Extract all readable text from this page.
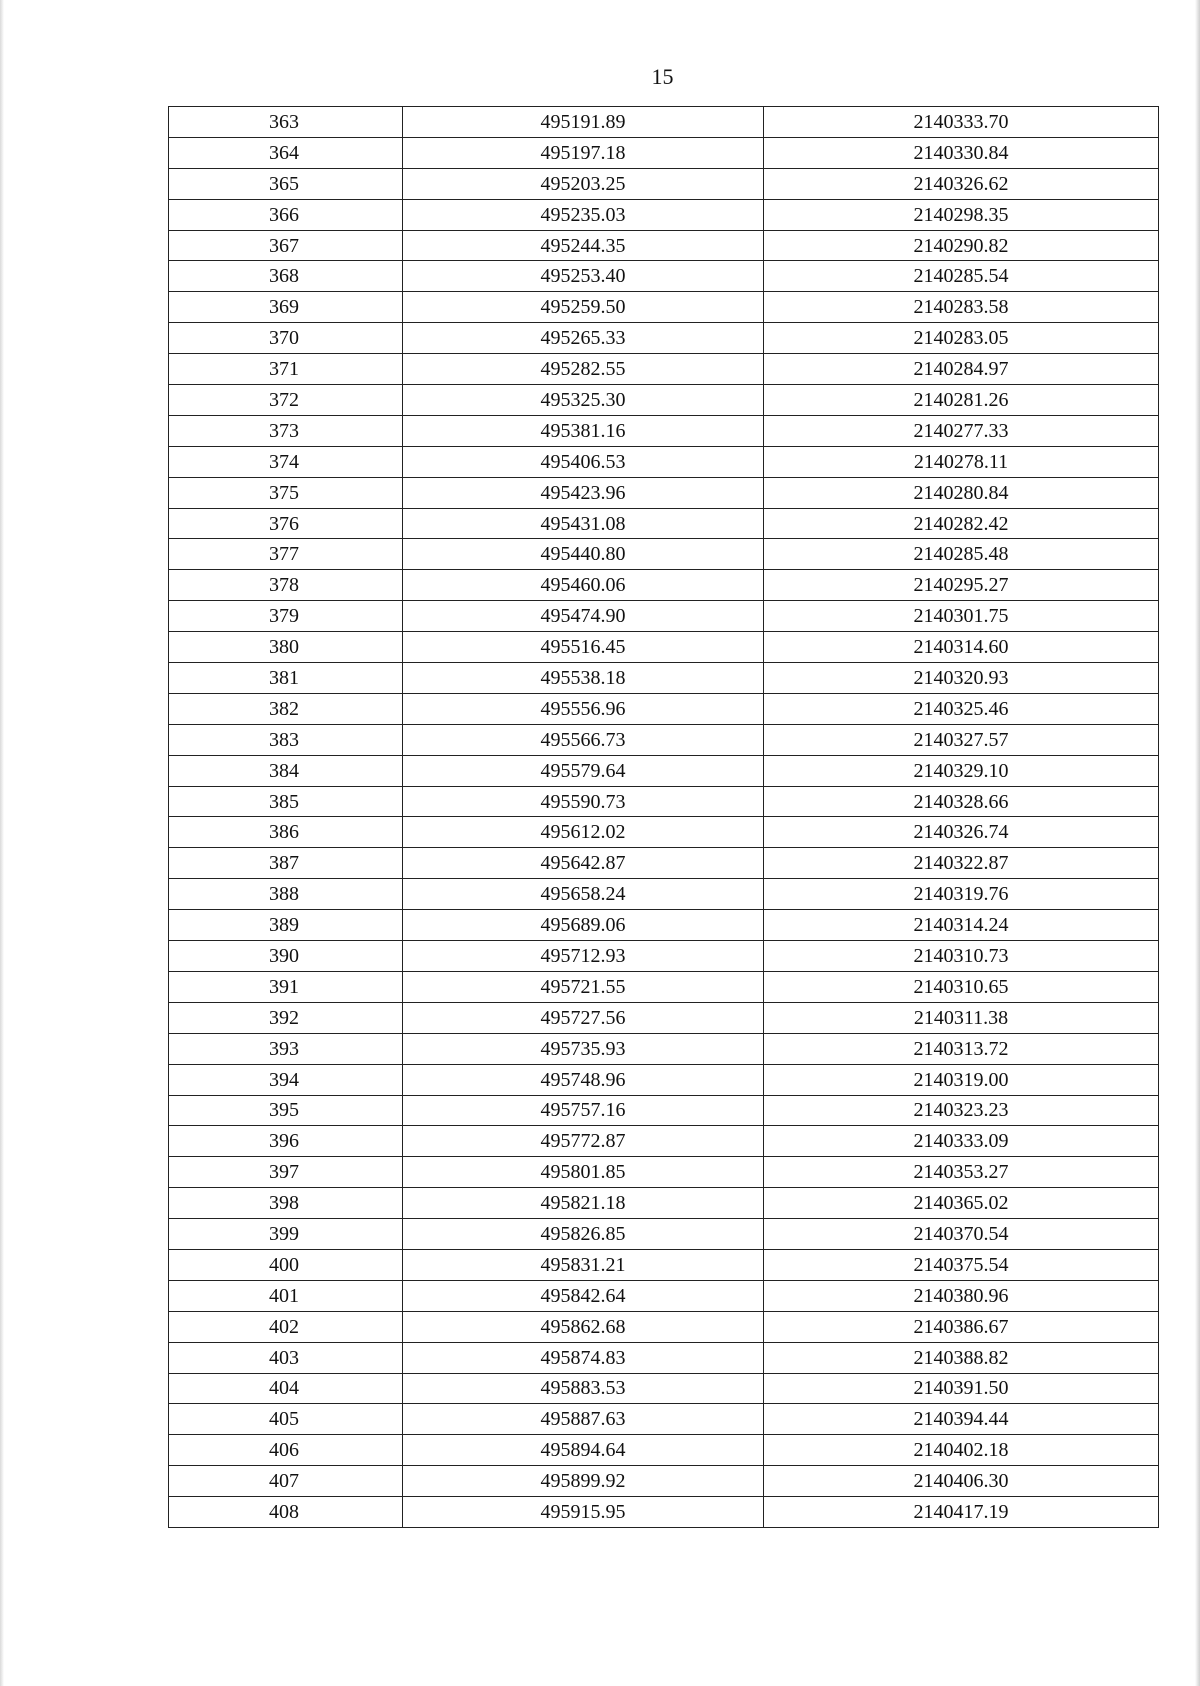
15
363	495191.89	2140333.70
364	495197.18	2140330.84
365	495203.25	2140326.62
366	495235.03	2140298.35
367	495244.35	2140290.82
368	495253.40	2140285.54
369	495259.50	2140283.58
370	495265.33	2140283.05
371	495282.55	2140284.97
372	495325.30	2140281.26
373	495381.16	2140277.33
374	495406.53	2140278.11
375	495423.96	2140280.84
376	495431.08	2140282.42
377	495440.80	2140285.48
378	495460.06	2140295.27
379	495474.90	2140301.75
380	495516.45	2140314.60
381	495538.18	2140320.93
382	495556.96	2140325.46
383	495566.73	2140327.57
384	495579.64	2140329.10
385	495590.73	2140328.66
386	495612.02	2140326.74
387	495642.87	2140322.87
388	495658.24	2140319.76
389	495689.06	2140314.24
390	495712.93	2140310.73
391	495721.55	2140310.65
392	495727.56	2140311.38
393	495735.93	2140313.72
394	495748.96	2140319.00
395	495757.16	2140323.23
396	495772.87	2140333.09
397	495801.85	2140353.27
398	495821.18	2140365.02
399	495826.85	2140370.54
400	495831.21	2140375.54
401	495842.64	2140380.96
402	495862.68	2140386.67
403	495874.83	2140388.82
404	495883.53	2140391.50
405	495887.63	2140394.44
406	495894.64	2140402.18
407	495899.92	2140406.30
408	495915.95	2140417.19
